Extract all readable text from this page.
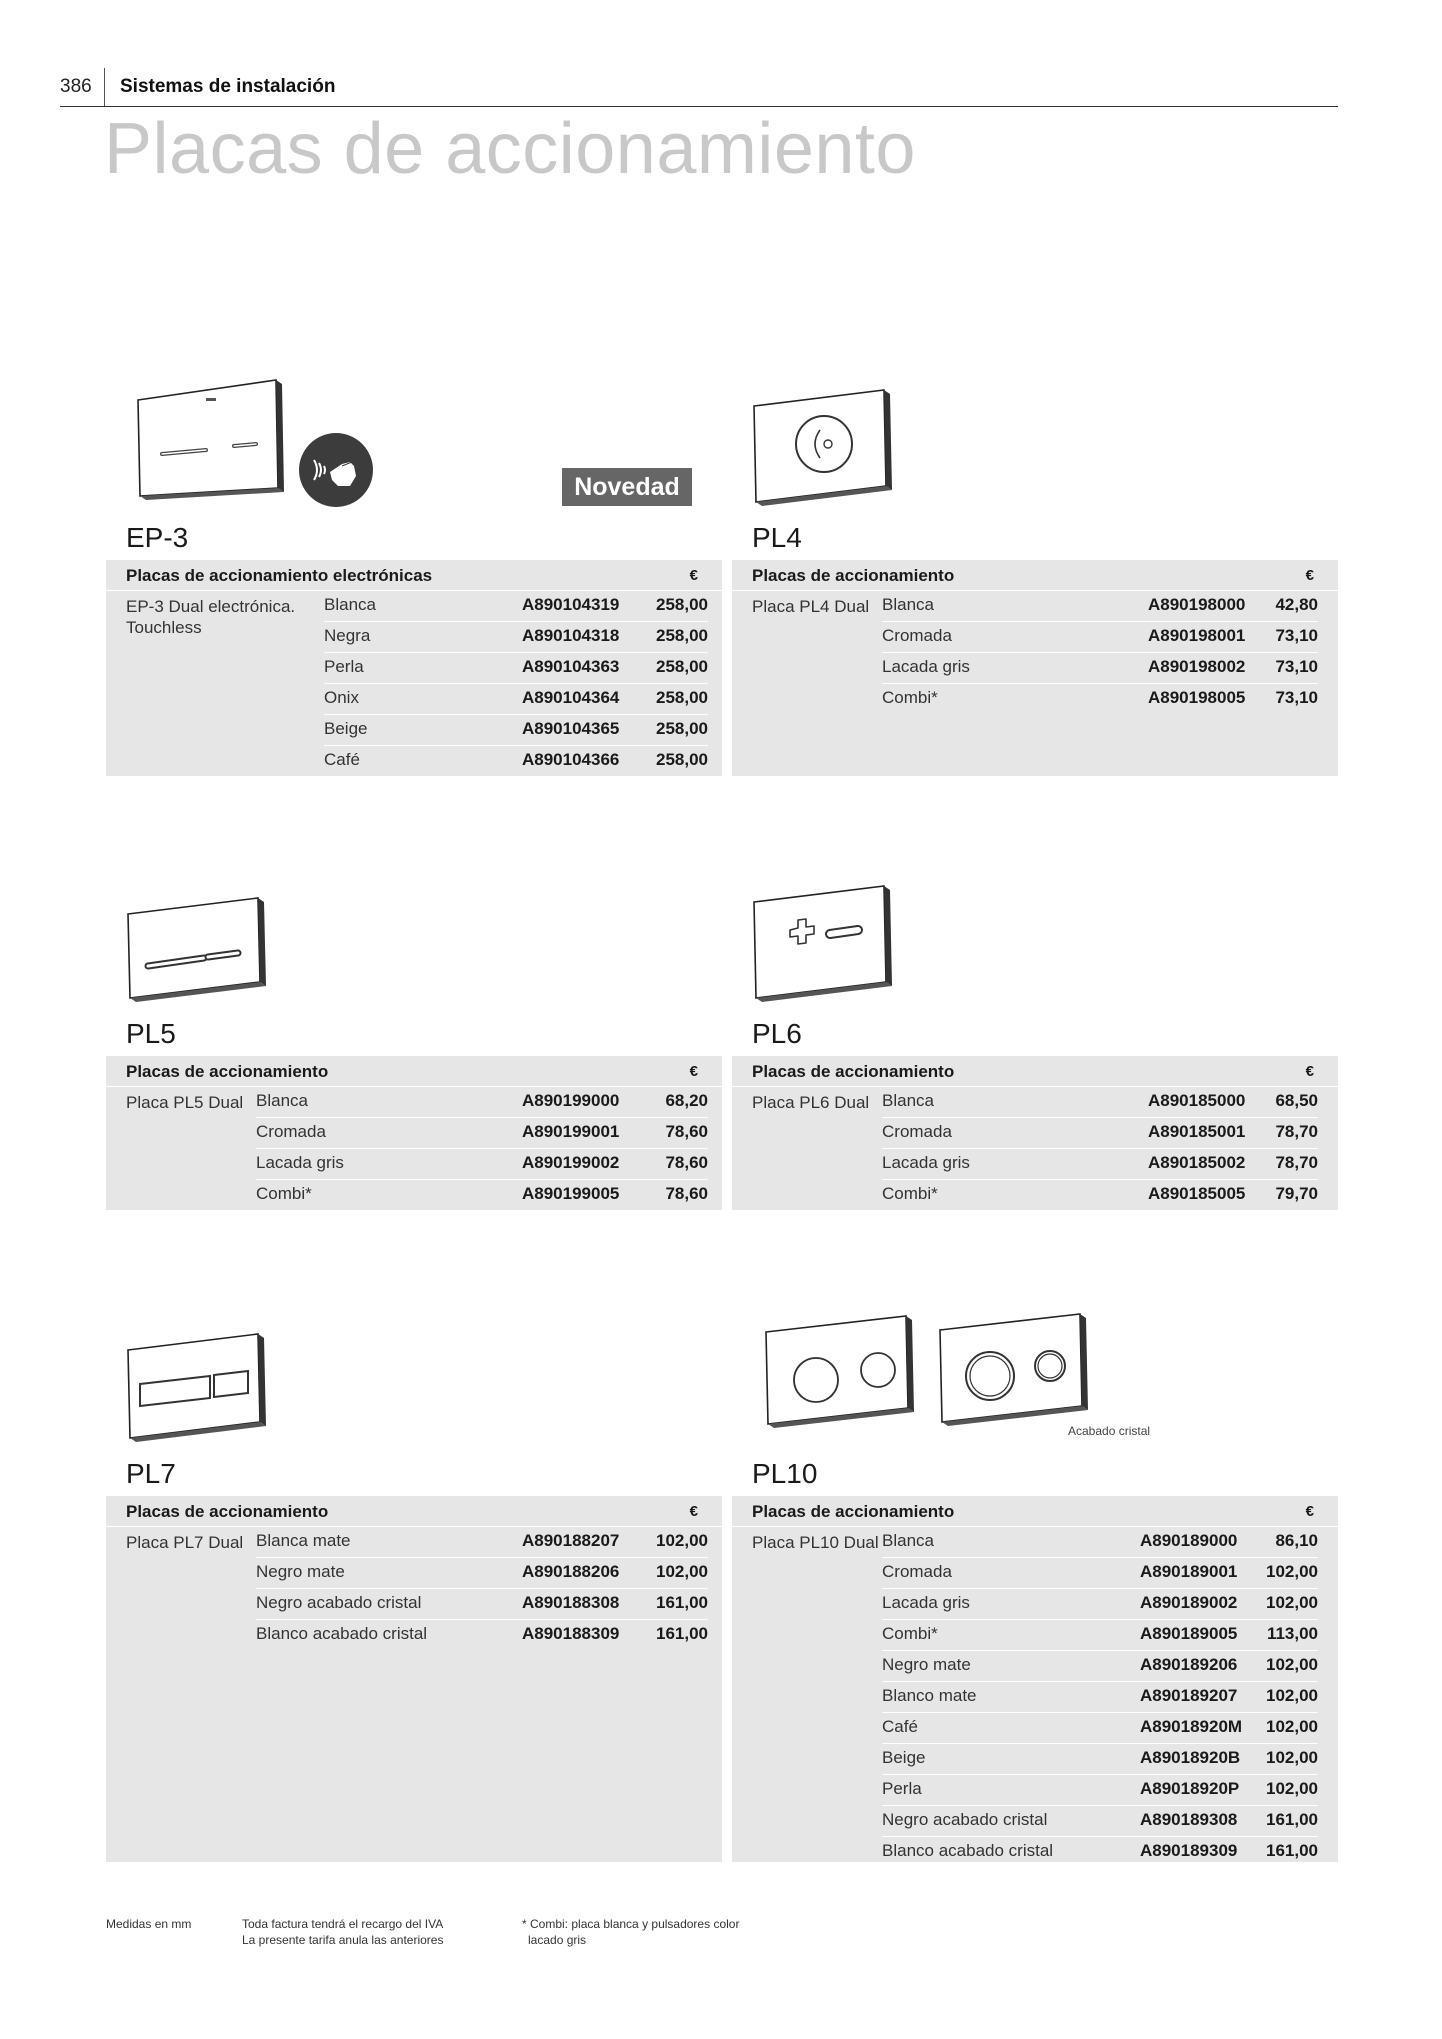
386 Sistemas de instalación
Placas de accionamiento
Novedad
EP-3
Placas de accionamiento electrónicas	€
EP-3 Dual electrónica. Touchless
Blanca	A890104319 258,00
Negra	A890104318 258,00
Perla	A890104363 258,00
Onix	A890104364 258,00
Beige	A890104365 258,00
Café	A890104366 258,00
PL4
Placas de accionamiento	€
Placa PL4 Dual Blanca	A890198000 42,80
Cromada	A890198001 73,10
Lacada gris	A890198002 73,10
Combi*	A890198005 73,10
PL5
Placas de accionamiento	€
Placa PL5 Dual Blanca	A890199000	68,20
Cromada	A890199001	78,60
Lacada gris	A890199002	78,60
Combi*	A890199005	78,60
PL6
Placas de accionamiento	€
Placa PL6 Dual Blanca	A890185000 68,50
Cromada	A890185001 78,70
Lacada gris	A890185002 78,70
Combi*	A890185005 79,70
Acabado cristal
PL7
Placas de accionamiento	€
Placa PL7 Dual Blanca mate	A890188207 102,00
Negro mate	A890188206 102,00
Negro acabado cristal	A890188308 161,00
Blanco acabado cristal	A890188309 161,00
PL10
Placas de accionamiento	€
Placa PL10 Dual Blanca	A890189000 86,10
Cromada	A890189001 102,00
Lacada gris	A890189002 102,00
Combi*	A890189005 113,00
Negro mate	A890189206 102,00
Blanco mate	A890189207 102,00
Café	A89018920M 102,00
Beige	A89018920B 102,00
Perla	A89018920P 102,00
Negro acabado cristal	A890189308 161,00
Blanco acabado cristal	A890189309 161,00
Medidas en mm	Toda factura tendrá el recargo del IVA
La presente tarifa anula las anteriores
* Combi: placa blanca y pulsadores color
lacado gris
